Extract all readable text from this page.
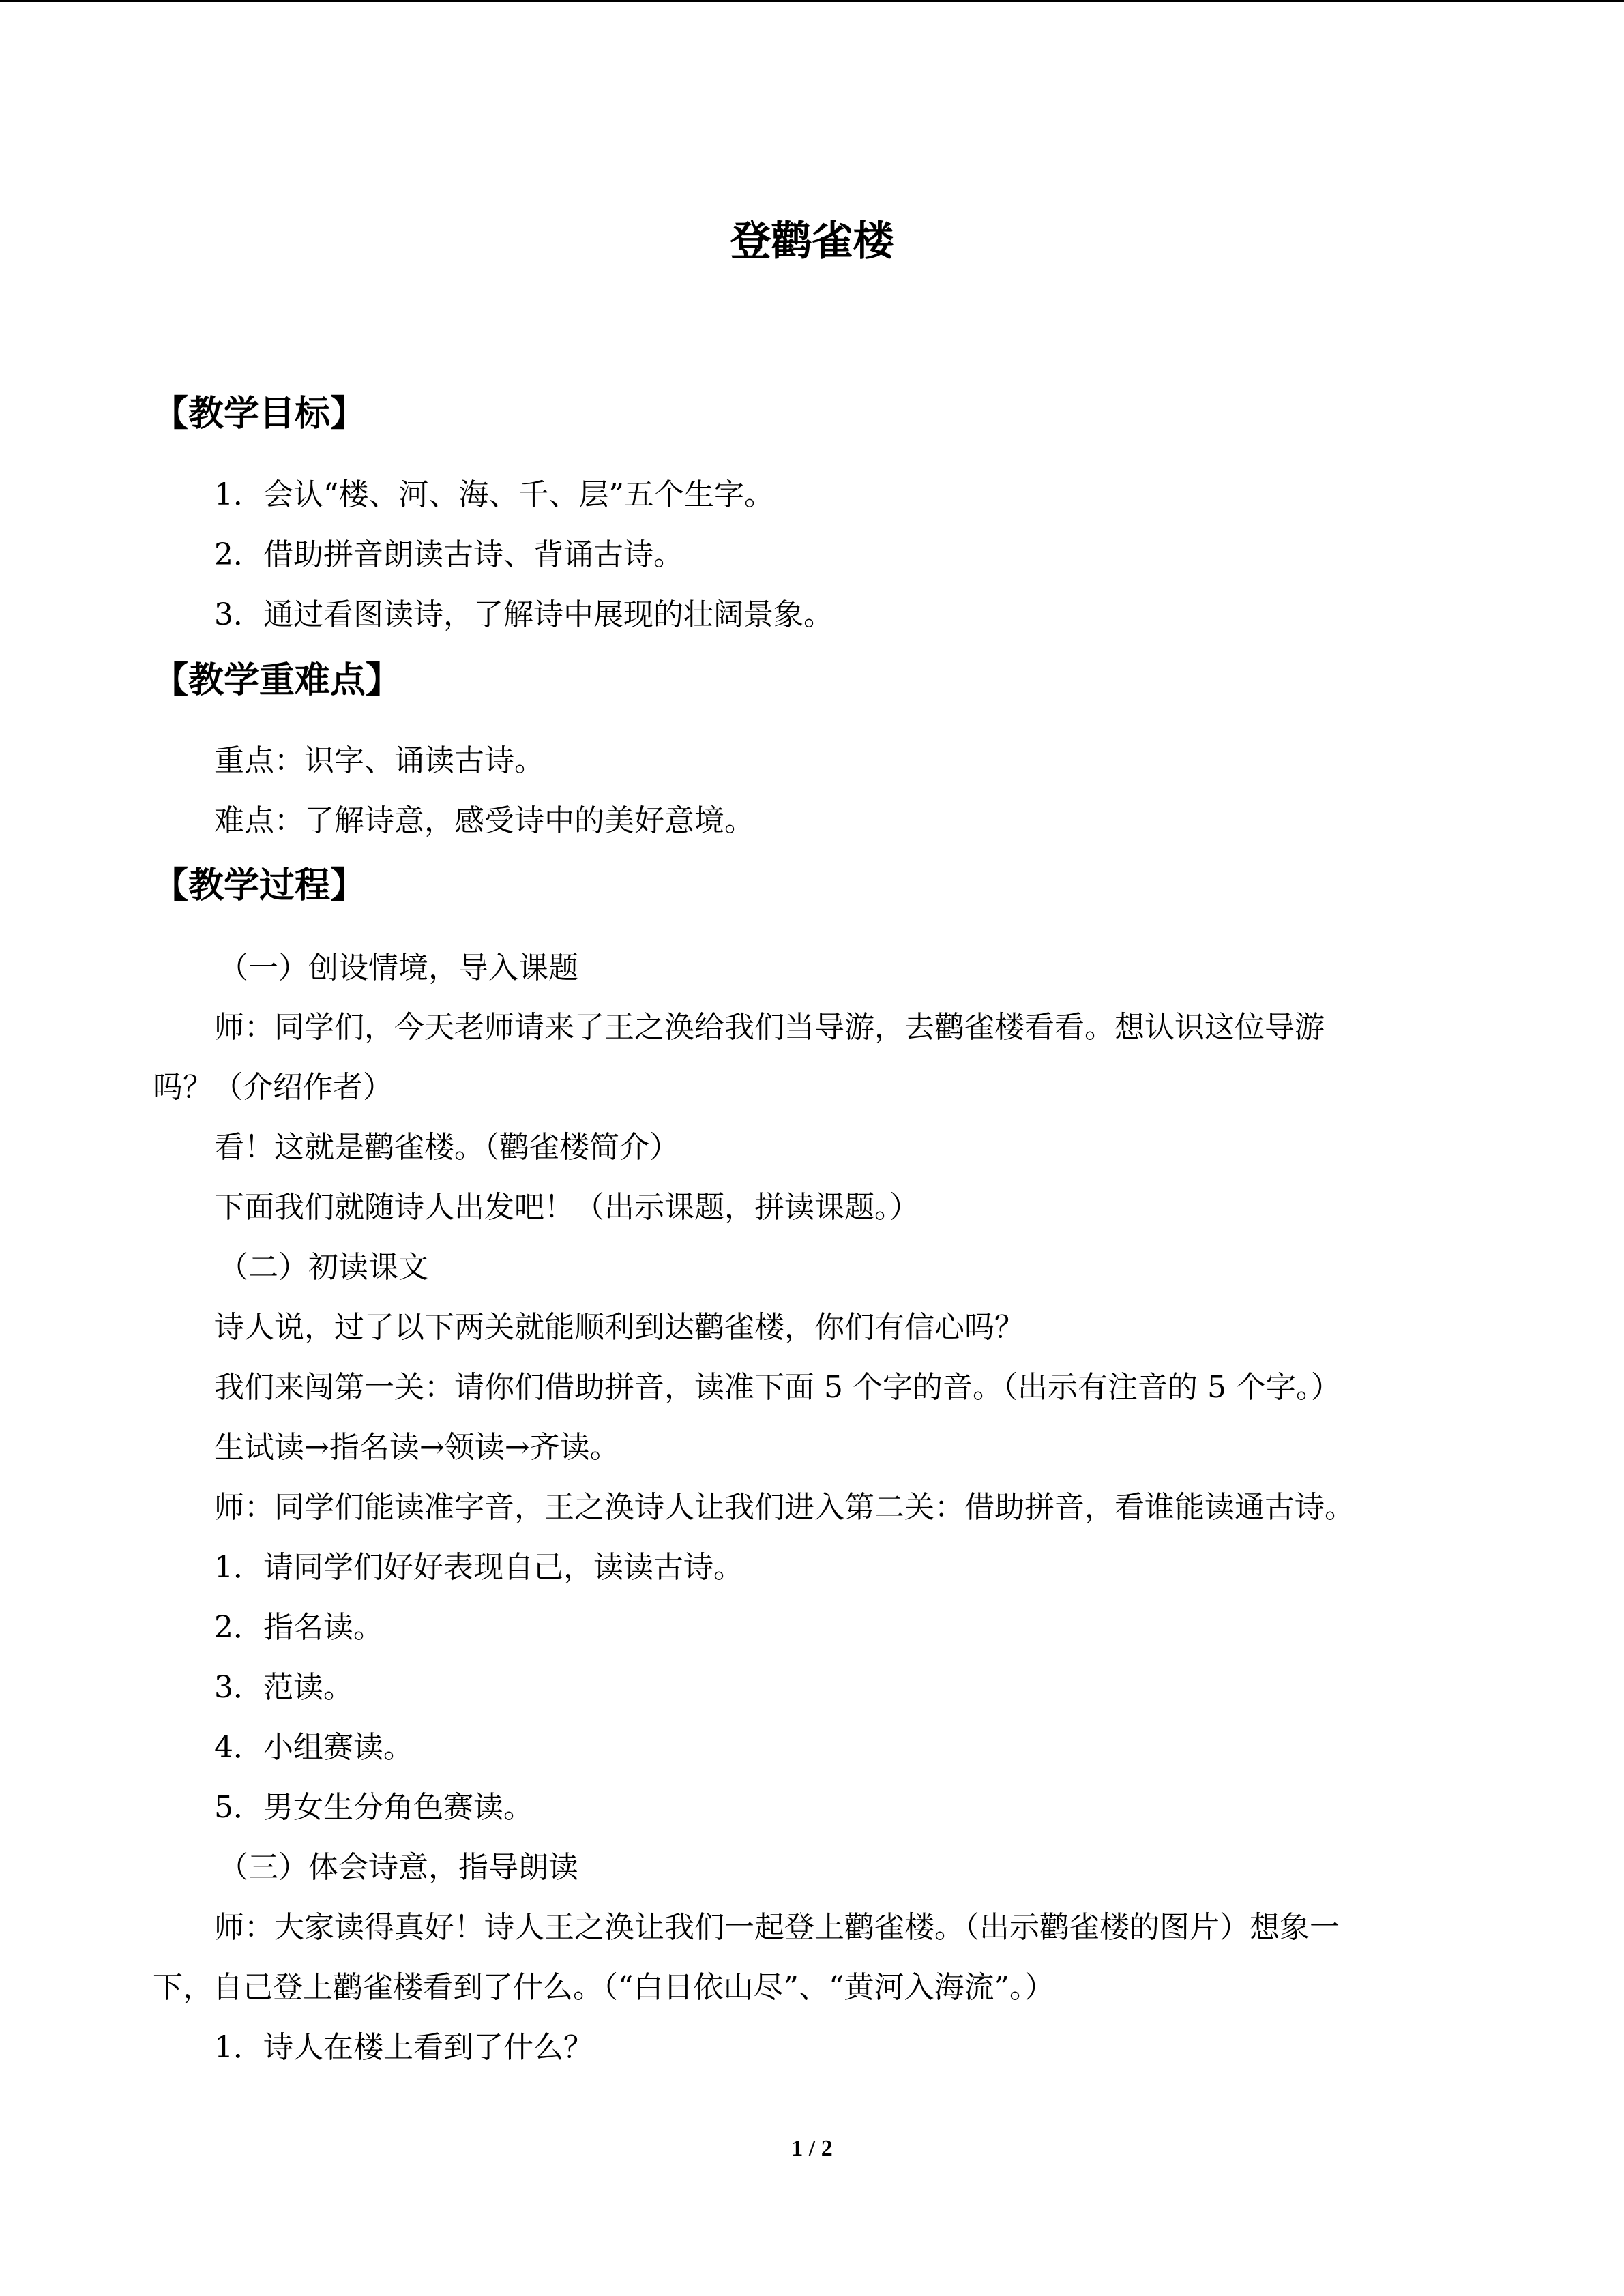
登鹳雀楼
【教学目标】

1．会认“楼、河、海、千、层”五个生字。

2．借助拼音朗读古诗、背诵古诗。

3．通过看图读诗，了解诗中展现的壮阔景象。

【教学重难点】

重点：识字、诵读古诗。

难点：了解诗意，感受诗中的美好意境。

【教学过程】

（一）创设情境，导入课题

师：同学们，今天老师请来了王之涣给我们当导游，去鹳雀楼看看。想认识这位导游

吗？（介绍作者）

看！这就是鹳雀楼。（鹳雀楼简介）

下面我们就随诗人出发吧！（出示课题，拼读课题。）

（二）初读课文

诗人说，过了以下两关就能顺利到达鹳雀楼，你们有信心吗？

我们来闯第一关：请你们借助拼音，读准下面 5 个字的音。（出示有注音的 5 个字。）

生试读→指名读→领读→齐读。

师：同学们能读准字音，王之涣诗人让我们进入第二关：借助拼音，看谁能读通古诗。

1．请同学们好好表现自己，读读古诗。

2．指名读。

3．范读。

4．小组赛读。

5．男女生分角色赛读。

（三）体会诗意，指导朗读

师：大家读得真好！诗人王之涣让我们一起登上鹳雀楼。（出示鹳雀楼的图片）想象一

下，自己登上鹳雀楼看到了什么。（“白日依山尽”、“黄河入海流”。）

1．诗人在楼上看到了什么？

1 / 2
